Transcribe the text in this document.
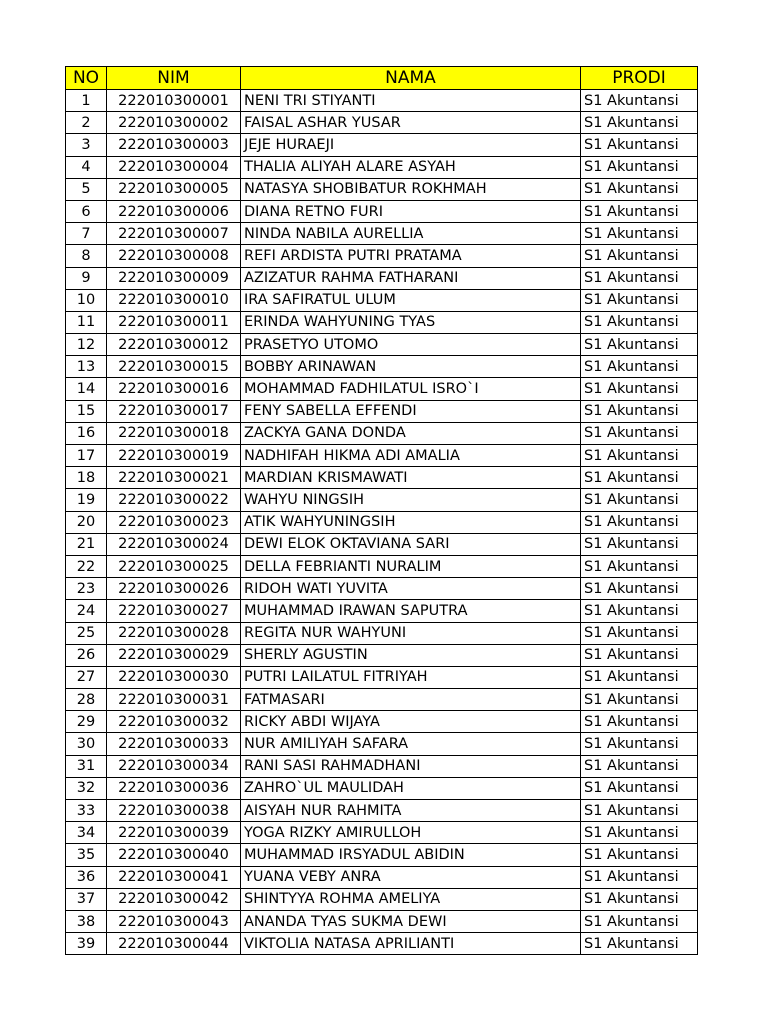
NO	NIM	NAMA	PRODI
1	222010300001	NENI TRI STIYANTI	S1 Akuntansi
2	222010300002	FAISAL ASHAR YUSAR	S1 Akuntansi
3	222010300003	JEJE HURAEJI	S1 Akuntansi
4	222010300004	THALIA ALIYAH ALARE ASYAH	S1 Akuntansi
5	222010300005	NATASYA SHOBIBATUR ROKHMAH	S1 Akuntansi
6	222010300006	DIANA RETNO FURI	S1 Akuntansi
7	222010300007	NINDA NABILA AURELLIA	S1 Akuntansi
8	222010300008	REFI ARDISTA PUTRI PRATAMA	S1 Akuntansi
9	222010300009	AZIZATUR RAHMA FATHARANI	S1 Akuntansi
10	222010300010	IRA SAFIRATUL ULUM	S1 Akuntansi
11	222010300011	ERINDA WAHYUNING TYAS	S1 Akuntansi
12	222010300012	PRASETYO UTOMO	S1 Akuntansi
13	222010300015	BOBBY ARINAWAN	S1 Akuntansi
14	222010300016	MOHAMMAD FADHILATUL ISRO`I	S1 Akuntansi
15	222010300017	FENY SABELLA EFFENDI	S1 Akuntansi
16	222010300018	ZACKYA GANA DONDA	S1 Akuntansi
17	222010300019	NADHIFAH HIKMA ADI AMALIA	S1 Akuntansi
18	222010300021	MARDIAN KRISMAWATI	S1 Akuntansi
19	222010300022	WAHYU NINGSIH	S1 Akuntansi
20	222010300023	ATIK WAHYUNINGSIH	S1 Akuntansi
21	222010300024	DEWI ELOK OKTAVIANA SARI	S1 Akuntansi
22	222010300025	DELLA FEBRIANTI NURALIM	S1 Akuntansi
23	222010300026	RIDOH WATI YUVITA	S1 Akuntansi
24	222010300027	MUHAMMAD IRAWAN SAPUTRA	S1 Akuntansi
25	222010300028	REGITA NUR WAHYUNI	S1 Akuntansi
26	222010300029	SHERLY AGUSTIN	S1 Akuntansi
27	222010300030	PUTRI LAILATUL FITRIYAH	S1 Akuntansi
28	222010300031	FATMASARI	S1 Akuntansi
29	222010300032	RICKY ABDI WIJAYA	S1 Akuntansi
30	222010300033	NUR AMILIYAH SAFARA	S1 Akuntansi
31	222010300034	RANI SASI RAHMADHANI	S1 Akuntansi
32	222010300036	ZAHRO`UL MAULIDAH	S1 Akuntansi
33	222010300038	AISYAH NUR RAHMITA	S1 Akuntansi
34	222010300039	YOGA RIZKY AMIRULLOH	S1 Akuntansi
35	222010300040	MUHAMMAD IRSYADUL ABIDIN	S1 Akuntansi
36	222010300041	YUANA VEBY ANRA	S1 Akuntansi
37	222010300042	SHINTYYA ROHMA AMELIYA	S1 Akuntansi
38	222010300043	ANANDA TYAS SUKMA DEWI	S1 Akuntansi
39	222010300044	VIKTOLIA NATASA APRILIANTI	S1 Akuntansi
